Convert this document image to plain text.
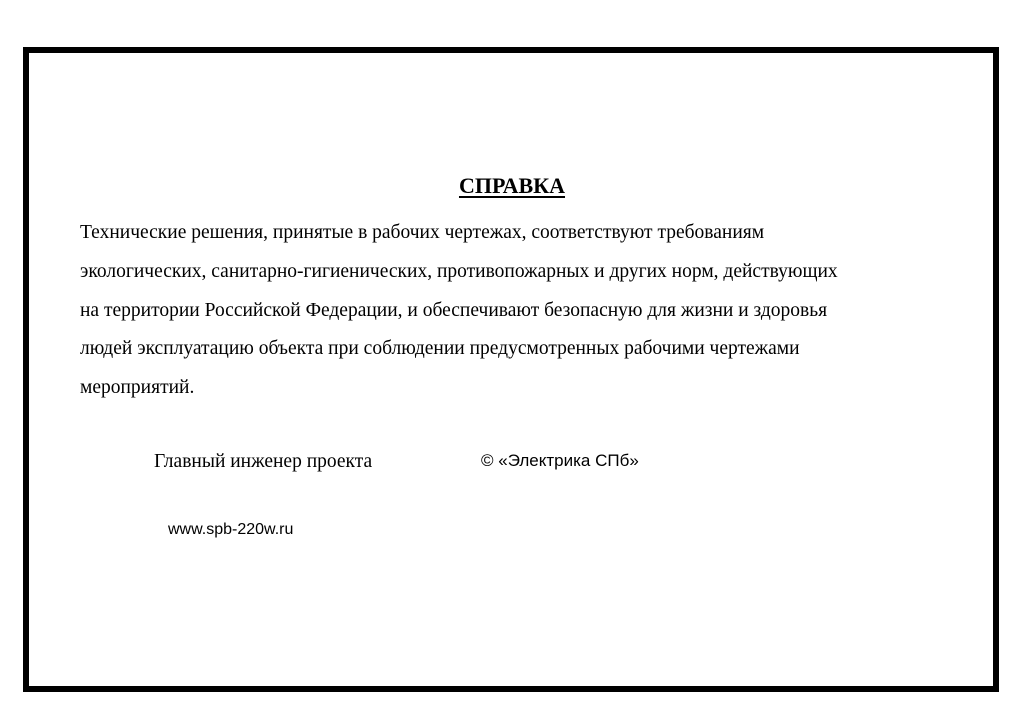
СПРАВКА
Технические решения, принятые в рабочих чертежах, соответствуют требованиям
экологических, санитарно-гигиенических, противопожарных и других норм, действующих
на территории Российской Федерации, и обеспечивают безопасную для жизни и здоровья
людей эксплуатацию объекта при соблюдении предусмотренных рабочими чертежами
мероприятий.
Главный инженер проекта	© «Электрика СПб»
www.spb-220w.ru
